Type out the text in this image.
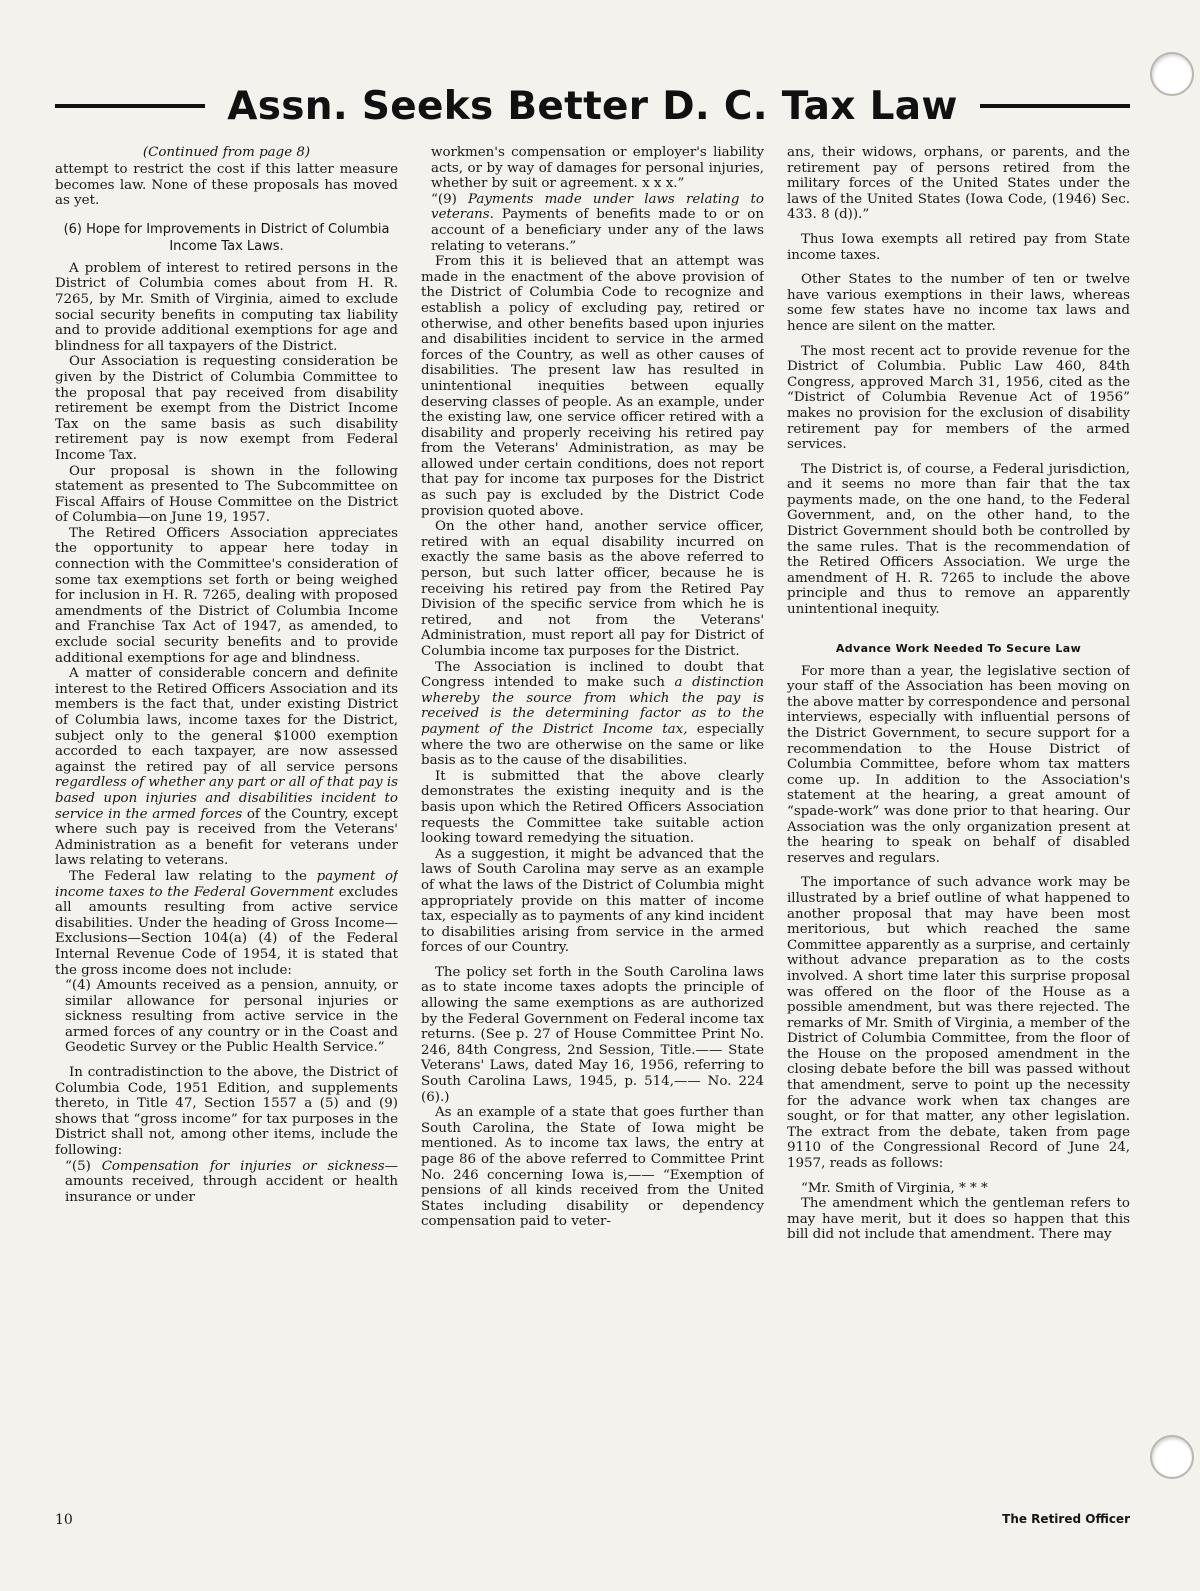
Assn. Seeks Better D. C. Tax Law
(Continued from page 8)

attempt to restrict the cost if this latter measure becomes law. None of these proposals has moved as yet.

(6) Hope for Improvements in District of Columbia Income Tax Laws.

A problem of interest to retired persons in the District of Columbia comes about from H. R. 7265, by Mr. Smith of Virginia, aimed to exclude social security benefits in computing tax liability and to provide additional exemptions for age and blindness for all taxpayers of the District.

Our Association is requesting consideration be given by the District of Columbia Committee to the proposal that pay received from disability retirement be exempt from the District Income Tax on the same basis as such disability retirement pay is now exempt from Federal Income Tax.

Our proposal is shown in the following statement as presented to The Subcommittee on Fiscal Affairs of House Committee on the District of Columbia—on June 19, 1957.

The Retired Officers Association appreciates the opportunity to appear here today in connection with the Committee's consideration of some tax exemptions set forth or being weighed for inclusion in H. R. 7265, dealing with proposed amendments of the District of Columbia Income and Franchise Tax Act of 1947, as amended, to exclude social security benefits and to provide additional exemptions for age and blindness.

A matter of considerable concern and definite interest to the Retired Officers Association and its members is the fact that, under existing District of Columbia laws, income taxes for the District, subject only to the general $1000 exemption accorded to each taxpayer, are now assessed against the retired pay of all service persons regardless of whether any part or all of that pay is based upon injuries and disabilities incident to service in the armed forces of the Country, except where such pay is received from the Veterans' Administration as a benefit for veterans under laws relating to veterans.

The Federal law relating to the payment of income taxes to the Federal Government excludes all amounts resulting from active service disabilities. Under the heading of Gross Income—Exclusions—Section 104(a) (4) of the Federal Internal Revenue Code of 1954, it is stated that the gross income does not include:

“(4) Amounts received as a pension, annuity, or similar allowance for personal injuries or sickness resulting from active service in the armed forces of any country or in the Coast and Geodetic Survey or the Public Health Service.”

In contradistinction to the above, the District of Columbia Code, 1951 Edition, and supplements thereto, in Title 47, Section 1557 a (5) and (9) shows that “gross income” for tax purposes in the District shall not, among other items, include the following:

“(5) Compensation for injuries or sickness—amounts received, through accident or health insurance or under

workmen's compensation or employer's liability acts, or by way of damages for personal injuries, whether by suit or agreement. x x x.”

“(9) Payments made under laws relating to veterans. Payments of benefits made to or on account of a beneficiary under any of the laws relating to veterans.”

From this it is believed that an attempt was made in the enactment of the above provision of the District of Columbia Code to recognize and establish a policy of excluding pay, retired or otherwise, and other benefits based upon injuries and disabilities incident to service in the armed forces of the Country, as well as other causes of disabilities. The present law has resulted in unintentional inequities between equally deserving classes of people. As an example, under the existing law, one service officer retired with a disability and properly receiving his retired pay from the Veterans' Administration, as may be allowed under certain conditions, does not report that pay for income tax purposes for the District as such pay is excluded by the District Code provision quoted above.

On the other hand, another service officer, retired with an equal disability incurred on exactly the same basis as the above referred to person, but such latter officer, because he is receiving his retired pay from the Retired Pay Division of the specific service from which he is retired, and not from the Veterans' Administration, must report all pay for District of Columbia income tax purposes for the District.

The Association is inclined to doubt that Congress intended to make such a distinction whereby the source from which the pay is received is the determining factor as to the payment of the District Income tax, especially where the two are otherwise on the same or like basis as to the cause of the disabilities.

It is submitted that the above clearly demonstrates the existing inequity and is the basis upon which the Retired Officers Association requests the Committee take suitable action looking toward remedying the situation.

As a suggestion, it might be advanced that the laws of South Carolina may serve as an example of what the laws of the District of Columbia might appropriately provide on this matter of income tax, especially as to payments of any kind incident to disabilities arising from service in the armed forces of our Country.

The policy set forth in the South Carolina laws as to state income taxes adopts the principle of allowing the same exemptions as are authorized by the Federal Government on Federal income tax returns. (See p. 27 of House Committee Print No. 246, 84th Congress, 2nd Session, Title.—— State Veterans' Laws, dated May 16, 1956, referring to South Carolina Laws, 1945, p. 514,—— No. 224 (6).)

As an example of a state that goes further than South Carolina, the State of Iowa might be mentioned. As to income tax laws, the entry at page 86 of the above referred to Committee Print No. 246 concerning Iowa is,—— “Exemption of pensions of all kinds received from the United States including disability or dependency compensation paid to veter-

ans, their widows, orphans, or parents, and the retirement pay of persons retired from the military forces of the United States under the laws of the United States (Iowa Code, (1946) Sec. 433. 8 (d)).”

Thus Iowa exempts all retired pay from State income taxes.

Other States to the number of ten or twelve have various exemptions in their laws, whereas some few states have no income tax laws and hence are silent on the matter.

The most recent act to provide revenue for the District of Columbia. Public Law 460, 84th Congress, approved March 31, 1956, cited as the “District of Columbia Revenue Act of 1956” makes no provision for the exclusion of disability retirement pay for members of the armed services.

The District is, of course, a Federal jurisdiction, and it seems no more than fair that the tax payments made, on the one hand, to the Federal Government, and, on the other hand, to the District Government should both be controlled by the same rules. That is the recommendation of the Retired Officers Association. We urge the amendment of H. R. 7265 to include the above principle and thus to remove an apparently unintentional inequity.

Advance Work Needed To Secure Law

For more than a year, the legislative section of your staff of the Association has been moving on the above matter by correspondence and personal interviews, especially with influential persons of the District Government, to secure support for a recommendation to the House District of Columbia Committee, before whom tax matters come up. In addition to the Association's statement at the hearing, a great amount of “spade-work” was done prior to that hearing. Our Association was the only organization present at the hearing to speak on behalf of disabled reserves and regulars.

The importance of such advance work may be illustrated by a brief outline of what happened to another proposal that may have been most meritorious, but which reached the same Committee apparently as a surprise, and certainly without advance preparation as to the costs involved. A short time later this surprise proposal was offered on the floor of the House as a possible amendment, but was there rejected. The remarks of Mr. Smith of Virginia, a member of the District of Columbia Committee, from the floor of the House on the proposed amendment in the closing debate before the bill was passed without that amendment, serve to point up the necessity for the advance work when tax changes are sought, or for that matter, any other legislation. The extract from the debate, taken from page 9110 of the Congressional Record of June 24, 1957, reads as follows:

“Mr. Smith of Virginia, * * *

The amendment which the gentleman refers to may have merit, but it does so happen that this bill did not include that amendment. There may

10	The Retired Officer
